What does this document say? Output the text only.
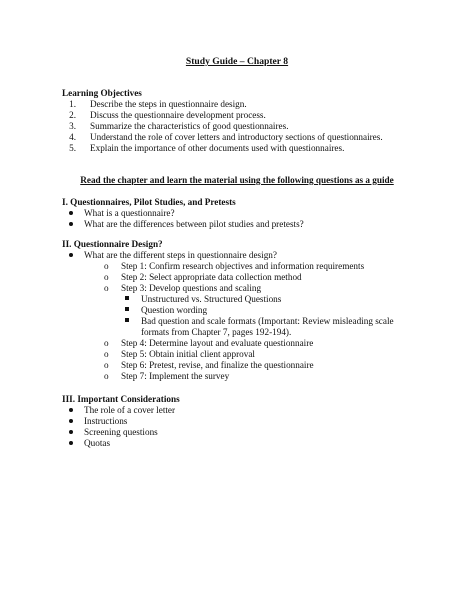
Study Guide – Chapter 8
Learning Objectives
1. Describe the steps in questionnaire design.
2. Discuss the questionnaire development process.
3. Summarize the characteristics of good questionnaires.
4. Understand the role of cover letters and introductory sections of questionnaires.
5. Explain the importance of other documents used with questionnaires.
Read the chapter and learn the material using the following questions as a guide
I. Questionnaires, Pilot Studies, and Pretests
What is a questionnaire?
What are the differences between pilot studies and pretests?
II. Questionnaire Design?
What are the different steps in questionnaire design?
o Step 1: Confirm research objectives and information requirements
o Step 2: Select appropriate data collection method
o Step 3: Develop questions and scaling
Unstructured vs. Structured Questions
Question wording
Bad question and scale formats (Important: Review misleading scale
formats from Chapter 7, pages 192-194).
o Step 4: Determine layout and evaluate questionnaire
o Step 5: Obtain initial client approval
o Step 6: Pretest, revise, and finalize the questionnaire
o Step 7: Implement the survey
III. Important Considerations
The role of a cover letter
Instructions
Screening questions
Quotas
